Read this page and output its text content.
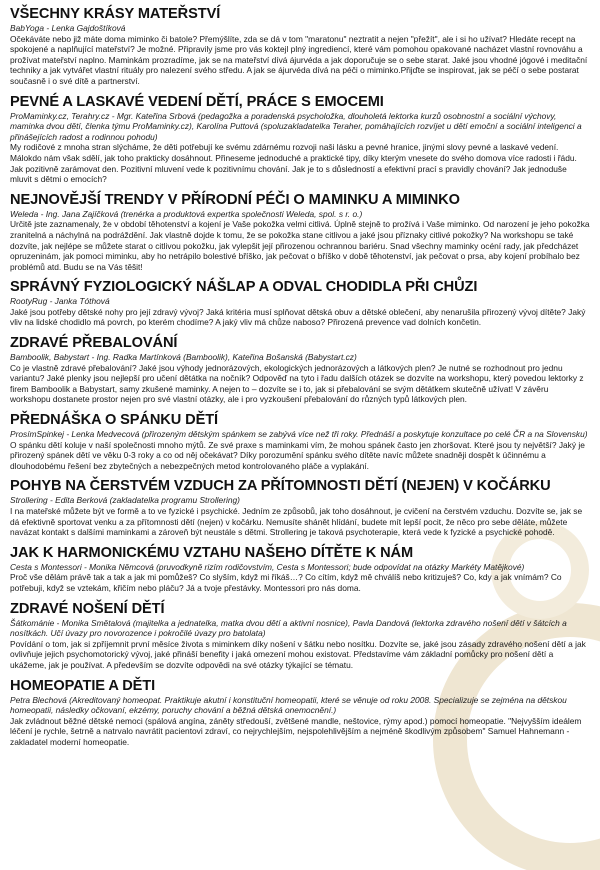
VŠECHNY KRÁSY MATEŘSTVÍ

BabYoga - Lenka Gajdoštíková

Očekáváte nebo již máte doma miminko či batole? Přemýšlíte, zda se dá v tom "maratonu" neztratit a nejen "přežít", ale i si ho užívat? Hledáte recept na spokojené a naplňující mateřství? Je možné. Připravily jsme pro vás koktejl plný ingrediencí, které vám pomohou opakované nacházet vlastní rovnováhu a prožívat mateřství naplno. Maminkám prozradíme, jak se na mateřství dívá ájurvéda a jak doporučuje se o sebe starat. Jaké jsou vhodné jógové i meditační techniky a jak vytvářet vlastní rituály pro nalezení svého středu. A jak se ájurvéda dívá na péči o miminko.Přijďte se inspirovat, jak se péčí o sebe postarat současně i o své dítě a partnerství.

PEVNÉ A LASKAVÉ VEDENÍ DĚTÍ, PRÁCE S EMOCEMI

ProMaminky.cz, Terahry.cz - Mgr. Kateřina Srbová (pedagožka a poradenská psycholožka, dlouholetá lektorka kurzů osobnostní a sociální výchovy, maminka dvou dětí, členka týmu ProMaminky.cz), Karolína Puttová (spoluzakladatelka Teraher, pomáhajících rozvíjet u dětí emoční a sociální inteligenci a přinášejících radost a rodinnou pohodu)

My rodičové z mnoha stran slýcháme, že děti potřebují ke svému zdárnému rozvoji naši lásku a pevné hranice, jinými slovy pevné a laskavé vedení. Málokdo nám však sdělí, jak toho prakticky dosáhnout. Přineseme jednoduché a praktické tipy, díky kterým vnesete do svého domova více radosti i řádu. Jak pozitivně zarámovat den. Pozitivní mluvení vede k pozitivnímu chování. Jak je to s důsledností a efektivní prací s pravidly chování? Jak jednoduše mluvit s dětmi o emocích?

NEJNOVĚJŠÍ TRENDY V PŘÍRODNÍ PÉČI O MAMINKU A MIMINKO

Weleda - Ing. Jana Zajíčková (trenérka a produktová expertka společnosti Weleda, spol. s r. o.)

Určitě jste zaznamenaly, že v období těhotenství a kojení je Vaše pokožka velmi citlivá. Úplně stejně to prožívá i Vaše miminko. Od narození je jeho pokožka zranitelná a náchylná na podráždění. Jak vlastně dojde k tomu, že se pokožka stane citlivou a jaké jsou příznaky citlivé pokožky? Na workshopu se také dozvíte, jak nejlépe se můžete starat o citlivou pokožku, jak vylepšit její přirozenou ochrannou bariéru. Snad všechny maminky océní rady, jak předcházet opruzeninám, jak pomoci miminku, aby ho netrápilo bolestivé bříško, jak pečovat o bříško v době těhotenství, jak pečovat o prsa, aby kojení probíhalo bez problémů atd. Budu se na Vás těšit!

SPRÁVNÝ FYZIOLOGICKÝ NÁŠLAP A ODVAL CHODIDLA PŘI CHŮZI

RootyRug - Janka Tóthová

Jaké jsou potřeby dětské nohy pro její zdravý vývoj? Jaká kritéria musí splňovat dětská obuv a dětské oblečení, aby nenarušila přirozený vývoj dítěte? Jaký vliv na lidské chodidlo má povrch, po kterém chodíme? A jaký vliv má chůze naboso? Přirozená prevence vad dolních končetin.

ZDRAVÉ PŘEBALOVÁNÍ

Bamboolik, Babystart - Ing. Radka Martínková (Bamboolik), Kateřina Bošanská (Babystart.cz)

Co je vlastně zdravé přebalování? Jaké jsou výhody jednorázových, ekologických jednorázových a látkových plen? Je nutné se rozhodnout pro jednu variantu? Jaké plenky jsou nejlepší pro učení dětátka na nočník? Odpověď na tyto i řadu dalších otázek se dozvíte na workshopu, který povedou lektorky z firem Bamboolik a Babystart, samy zkušené maminky. A nejen to – dozvíte se i to, jak si přebalování se svým dětátkem skutečně užívat! V závěru workshopu dostanete prostor nejen pro své vlastní otázky, ale i pro vyzkoušení přebalování do různých typů látkových plen.

PŘEDNÁŠKA O SPÁNKU DĚTÍ

ProsímSpinkej - Lenka Medvecová (přirozeným dětským spánkem se zabývá více než tři roky. Přednáší a poskytuje konzultace po celé ČR a na Slovensku)

O spánku dětí koluje v naší společnosti mnoho mýtů. Ze své praxe s maminkami vím, že mohou spánek často jen zhoršovat. Které jsou ty největší? Jaký je přirozený spánek dětí ve věku 0-3 roky a co od něj očekávat? Díky porozumění spánku svého dítěte navíc můžete snadněji dospět k účinnému a dlouhodobému řešení bez zbytečných a nebezpečných metod kontrolovaného pláče a vyplakání.

POHYB NA ČERSTVÉM VZDUCH ZA PŘÍTOMNOSTI DĚTÍ (NEJEN) V KOČÁRKU

Strollering - Edita Berková (zakladatelka programu Strollering)

I na mateřské můžete být ve formě a to ve fyzické i psychické. Jedním ze způsobů, jak toho dosáhnout, je cvičení na čerstvém vzduchu. Dozvíte se, jak se dá efektivně sportovat venku a za přítomnosti dětí (nejen) v kočárku. Nemusíte shánět hlídání, budete mít lepší pocit, že něco pro sebe děláte, můžete navázat kontakt s dalšími maminkami a zároveň být neustále s dětmi. Strollering je taková psychoterapie, která vede k fyzické a psychické pohodě.

JAK K HARMONICKÉMU VZTAHU NAŠEHO DÍTĚTE K NÁM

Cesta s Montessori - Monika Němcová (pruvodkyně rizím rodičovstvím, Cesta s Montessori; bude odpovídat na otázky Markéty Matějkové)

Proč vše dělám právě tak a tak a jak mi pomůžeš? Co slyším, když mi říkáš…? Co cítím, když mě chválíš nebo kritizuješ? Co, kdy a jak vnímám? Co potřebuji, když se vztekám, křičím nebo pláču? Já a tvoje přestávky. Montessori pro nás doma.

ZDRAVÉ NOŠENÍ DĚTÍ

Šátkománie - Monika Smětalová (majitelka a jednatelka, matka dvou dětí a aktivní nosnice), Pavla Dandová (lektorka zdravého nošení dětí v šátcích a nosítkách. Učí úvazy pro novorozence i pokročilé úvazy pro batolata)

Povídání o tom, jak si zpříjemnit první měsíce života s miminkem díky nošení v šátku nebo nosítku. Dozvíte se, jaké jsou zásady zdravého nošení dětí a jak ovlivňuje jejich psychomotorický vývoj, jaké přináší benefity i jaká omezení mohou existovat. Představíme vám základní pomůcky pro nošení dětí a ukážeme, jak je používat. A především se dozvíte odpovědi na své otázky týkající se tématu.

HOMEOPATIE A DĚTI

Petra Blechová (Akreditovaný homeopat. Praktikuje akutní i konstituční homeopatii, které se věnuje od roku 2008. Specializuje se zejména na dětskou homeopatii, následky očkovaní, ekzémy, poruchy chování a běžná dětská onemocnění.)

Jak zvládnout běžné dětské nemoci (spálová angína, záněty středouší, zvětšené mandle, neštovice, rýmy apod.) pomocí homeopatie. "Nejvyšším ideálem léčení je rychle, šetrně a natrvalo navrátit pacientovi zdraví, co nejrychlejším, nejspolehlivějším a nejméně škodlivým způsobem" Samuel Hahnemann - zakladatel moderní homeopatie.
